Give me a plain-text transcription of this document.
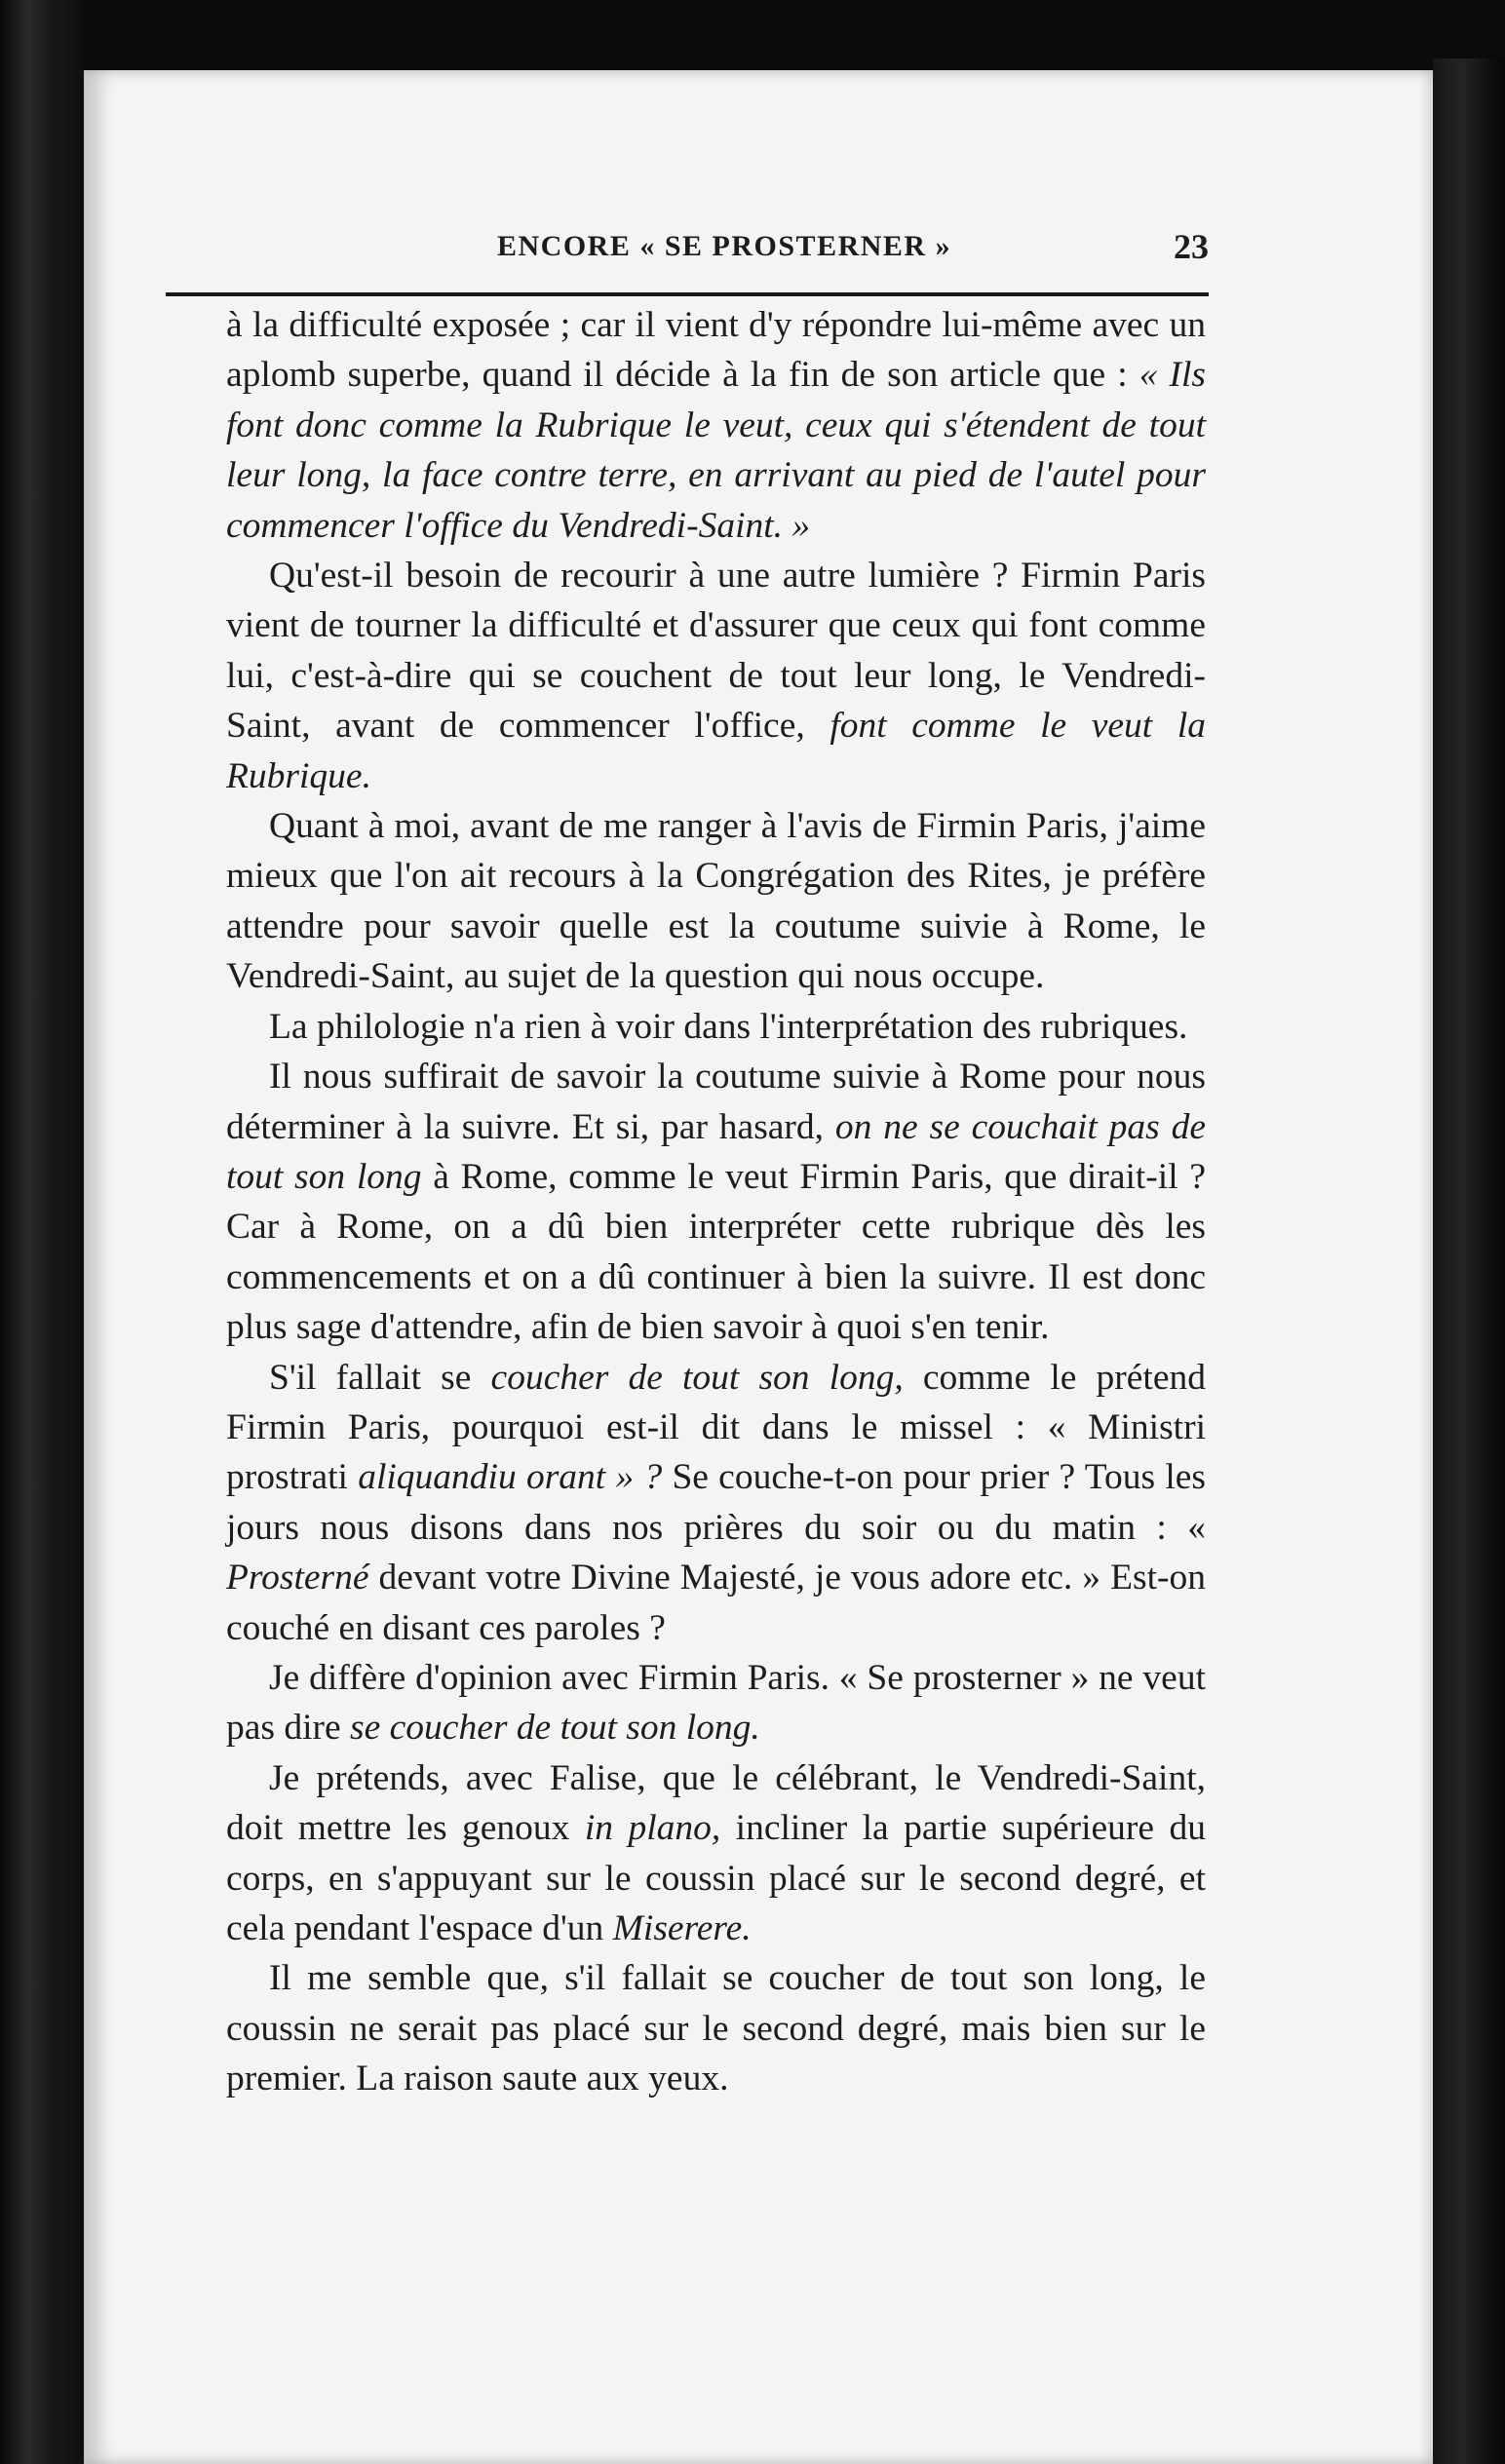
ENCORE « SE PROSTERNER »	23

à la difficulté exposée ; car il vient d'y répondre lui-même avec un aplomb superbe, quand il décide à la fin de son article que : « Ils font donc comme la Rubrique le veut, ceux qui s'étendent de tout leur long, la face contre terre, en arrivant au pied de l'autel pour commencer l'office du Vendredi-Saint. »

Qu'est-il besoin de recourir à une autre lumière ? Firmin Paris vient de tourner la difficulté et d'assurer que ceux qui font comme lui, c'est-à-dire qui se couchent de tout leur long, le Vendredi-Saint, avant de commencer l'office, font comme le veut la Rubrique.

Quant à moi, avant de me ranger à l'avis de Firmin Paris, j'aime mieux que l'on ait recours à la Congrégation des Rites, je préfère attendre pour savoir quelle est la coutume suivie à Rome, le Vendredi-Saint, au sujet de la question qui nous occupe.

La philologie n'a rien à voir dans l'interprétation des rubriques.

Il nous suffirait de savoir la coutume suivie à Rome pour nous déterminer à la suivre. Et si, par hasard, on ne se couchait pas de tout son long à Rome, comme le veut Firmin Paris, que dirait-il ? Car à Rome, on a dû bien interpréter cette rubrique dès les commencements et on a dû continuer à bien la suivre. Il est donc plus sage d'attendre, afin de bien savoir à quoi s'en tenir.

S'il fallait se coucher de tout son long, comme le prétend Firmin Paris, pourquoi est-il dit dans le missel : « Ministri prostrati aliquandiu orant » ? Se couche-t-on pour prier ? Tous les jours nous disons dans nos prières du soir ou du matin : « Prosterné devant votre Divine Majesté, je vous adore etc. » Est-on couché en disant ces paroles ?

Je diffère d'opinion avec Firmin Paris. « Se prosterner » ne veut pas dire se coucher de tout son long.

Je prétends, avec Falise, que le célébrant, le Vendredi-Saint, doit mettre les genoux in plano, incliner la partie supérieure du corps, en s'appuyant sur le coussin placé sur le second degré, et cela pendant l'espace d'un Miserere.

Il me semble que, s'il fallait se coucher de tout son long, le coussin ne serait pas placé sur le second degré, mais bien sur le premier. La raison saute aux yeux.
